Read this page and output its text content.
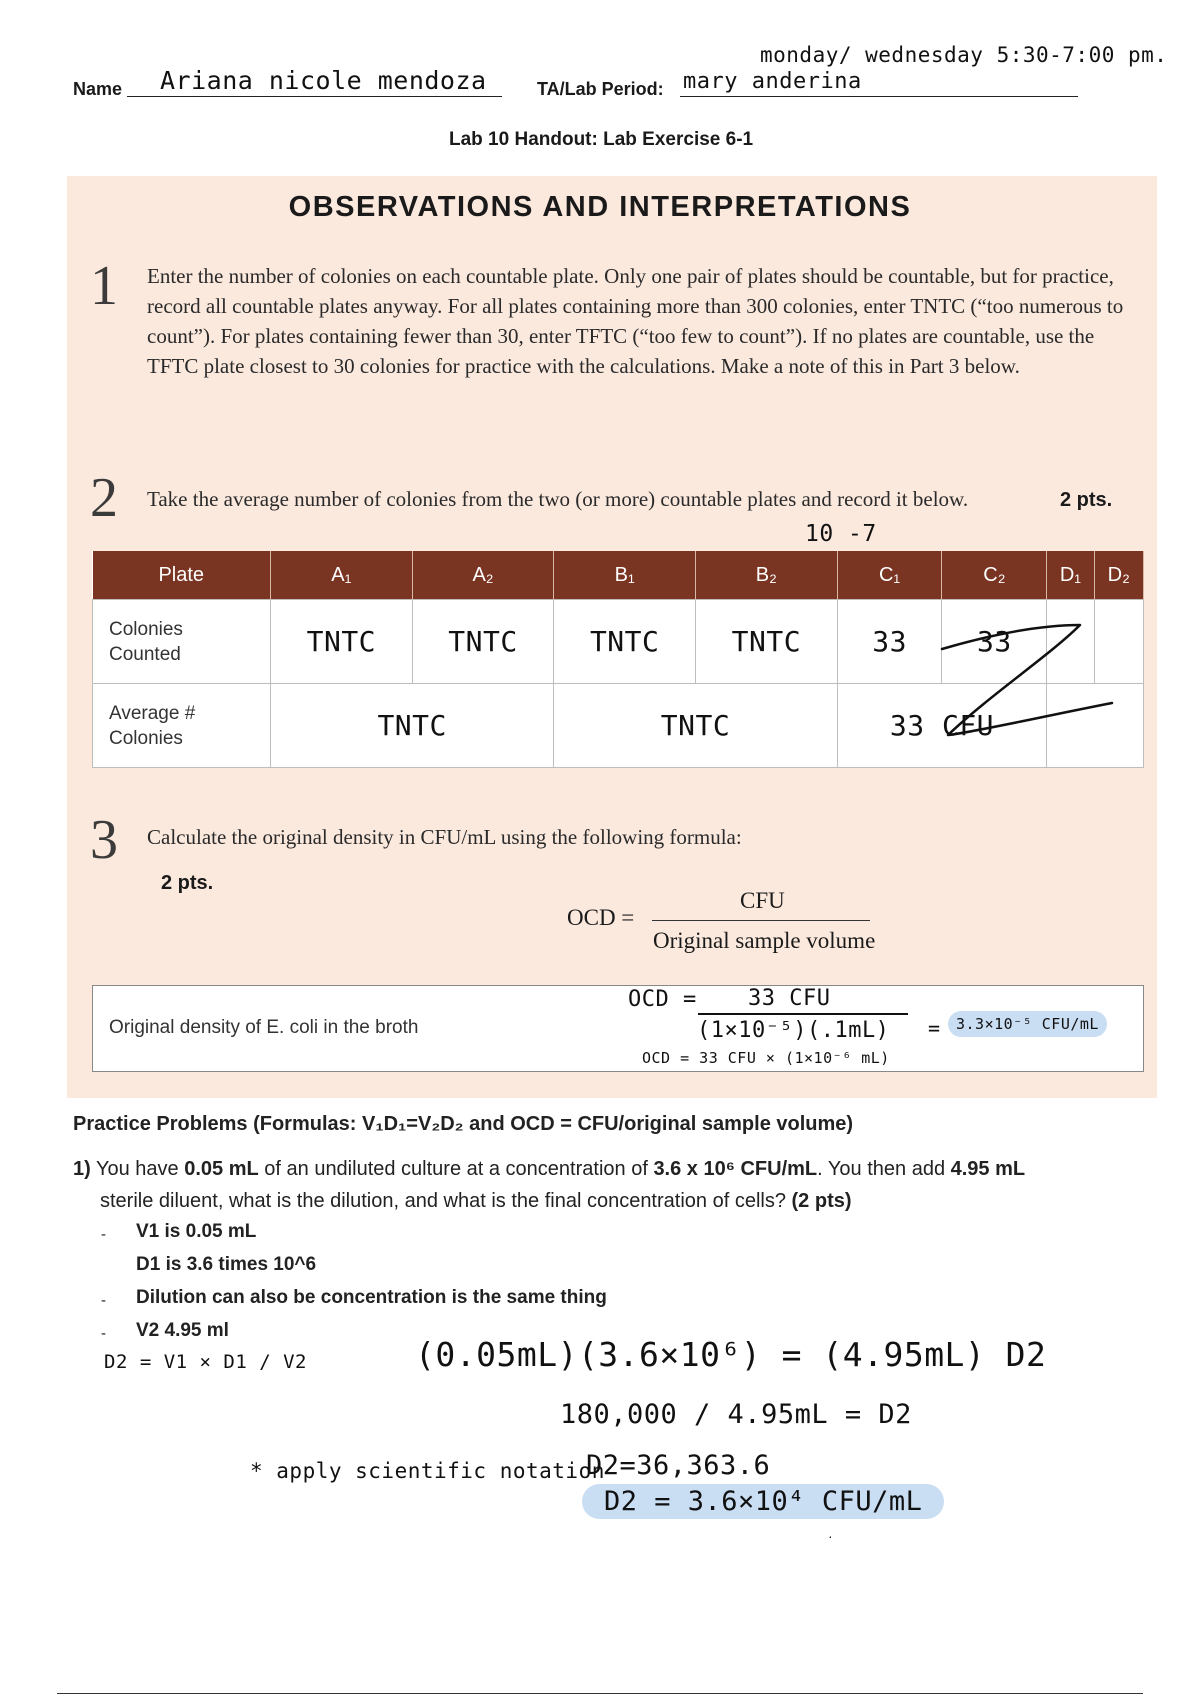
Name Ariana nicole mendoza
monday/ wednesday 5:30-7:00 pm.
TA/Lab Period: mary anderina
Lab 10 Handout: Lab Exercise 6-1
OBSERVATIONS AND INTERPRETATIONS
1 Enter the number of colonies on each countable plate. Only one pair of plates should be countable, but for practice, record all countable plates anyway. For all plates containing more than 300 colonies, enter TNTC (“too numerous to count”). For plates containing fewer than 30, enter TFTC (“too few to count”). If no plates are countable, use the TFTC plate closest to 30 colonies for practice with the calculations. Make a note of this in Part 3 below.
2 Take the average number of colonies from the two (or more) countable plates and record it below.	2 pts.
10 -7
Plate	A₁	A₂	B₁	B₂	C₁	C₂	D₁	D₂
Colonies
Counted	TNTC	TNTC	TNTC	TNTC	33	33		
Average #
Colonies	TNTC		TNTC		33 CFU			
3 Calculate the original density in CFU/mL using the following formula:
2 pts.
OCD =
CFU
Original sample volume
Original density of E. coli in the broth
OCD = 33 CFU
(1×10⁻⁵)(.1mL) =	3.3×10⁻⁵ CFU/mL
OCD = 33 CFU × (1×10⁻⁶ mL)
Practice Problems (Formulas: V₁D₁=V₂D₂ and OCD = CFU/original sample volume)
1) You have 0.05 mL of an undiluted culture at a concentration of 3.6 x 10⁶ CFU/mL. You then add 4.95 mL
sterile diluent, what is the dilution, and what is the final concentration of cells? (2 pts)
- V1 is 0.05 mL
D1 is 3.6 times 10^6
- Dilution can also be concentration is the same thing
- V2 4.95 ml
D2 = V1 × D1 / V2	(0.05mL)(3.6×10⁶) = (4.95mL) D2
180,000 / 4.95mL = D2
* apply scientific notation
D2=36,363.6
D2 = 3.6×10⁴ CFU/mL
·
